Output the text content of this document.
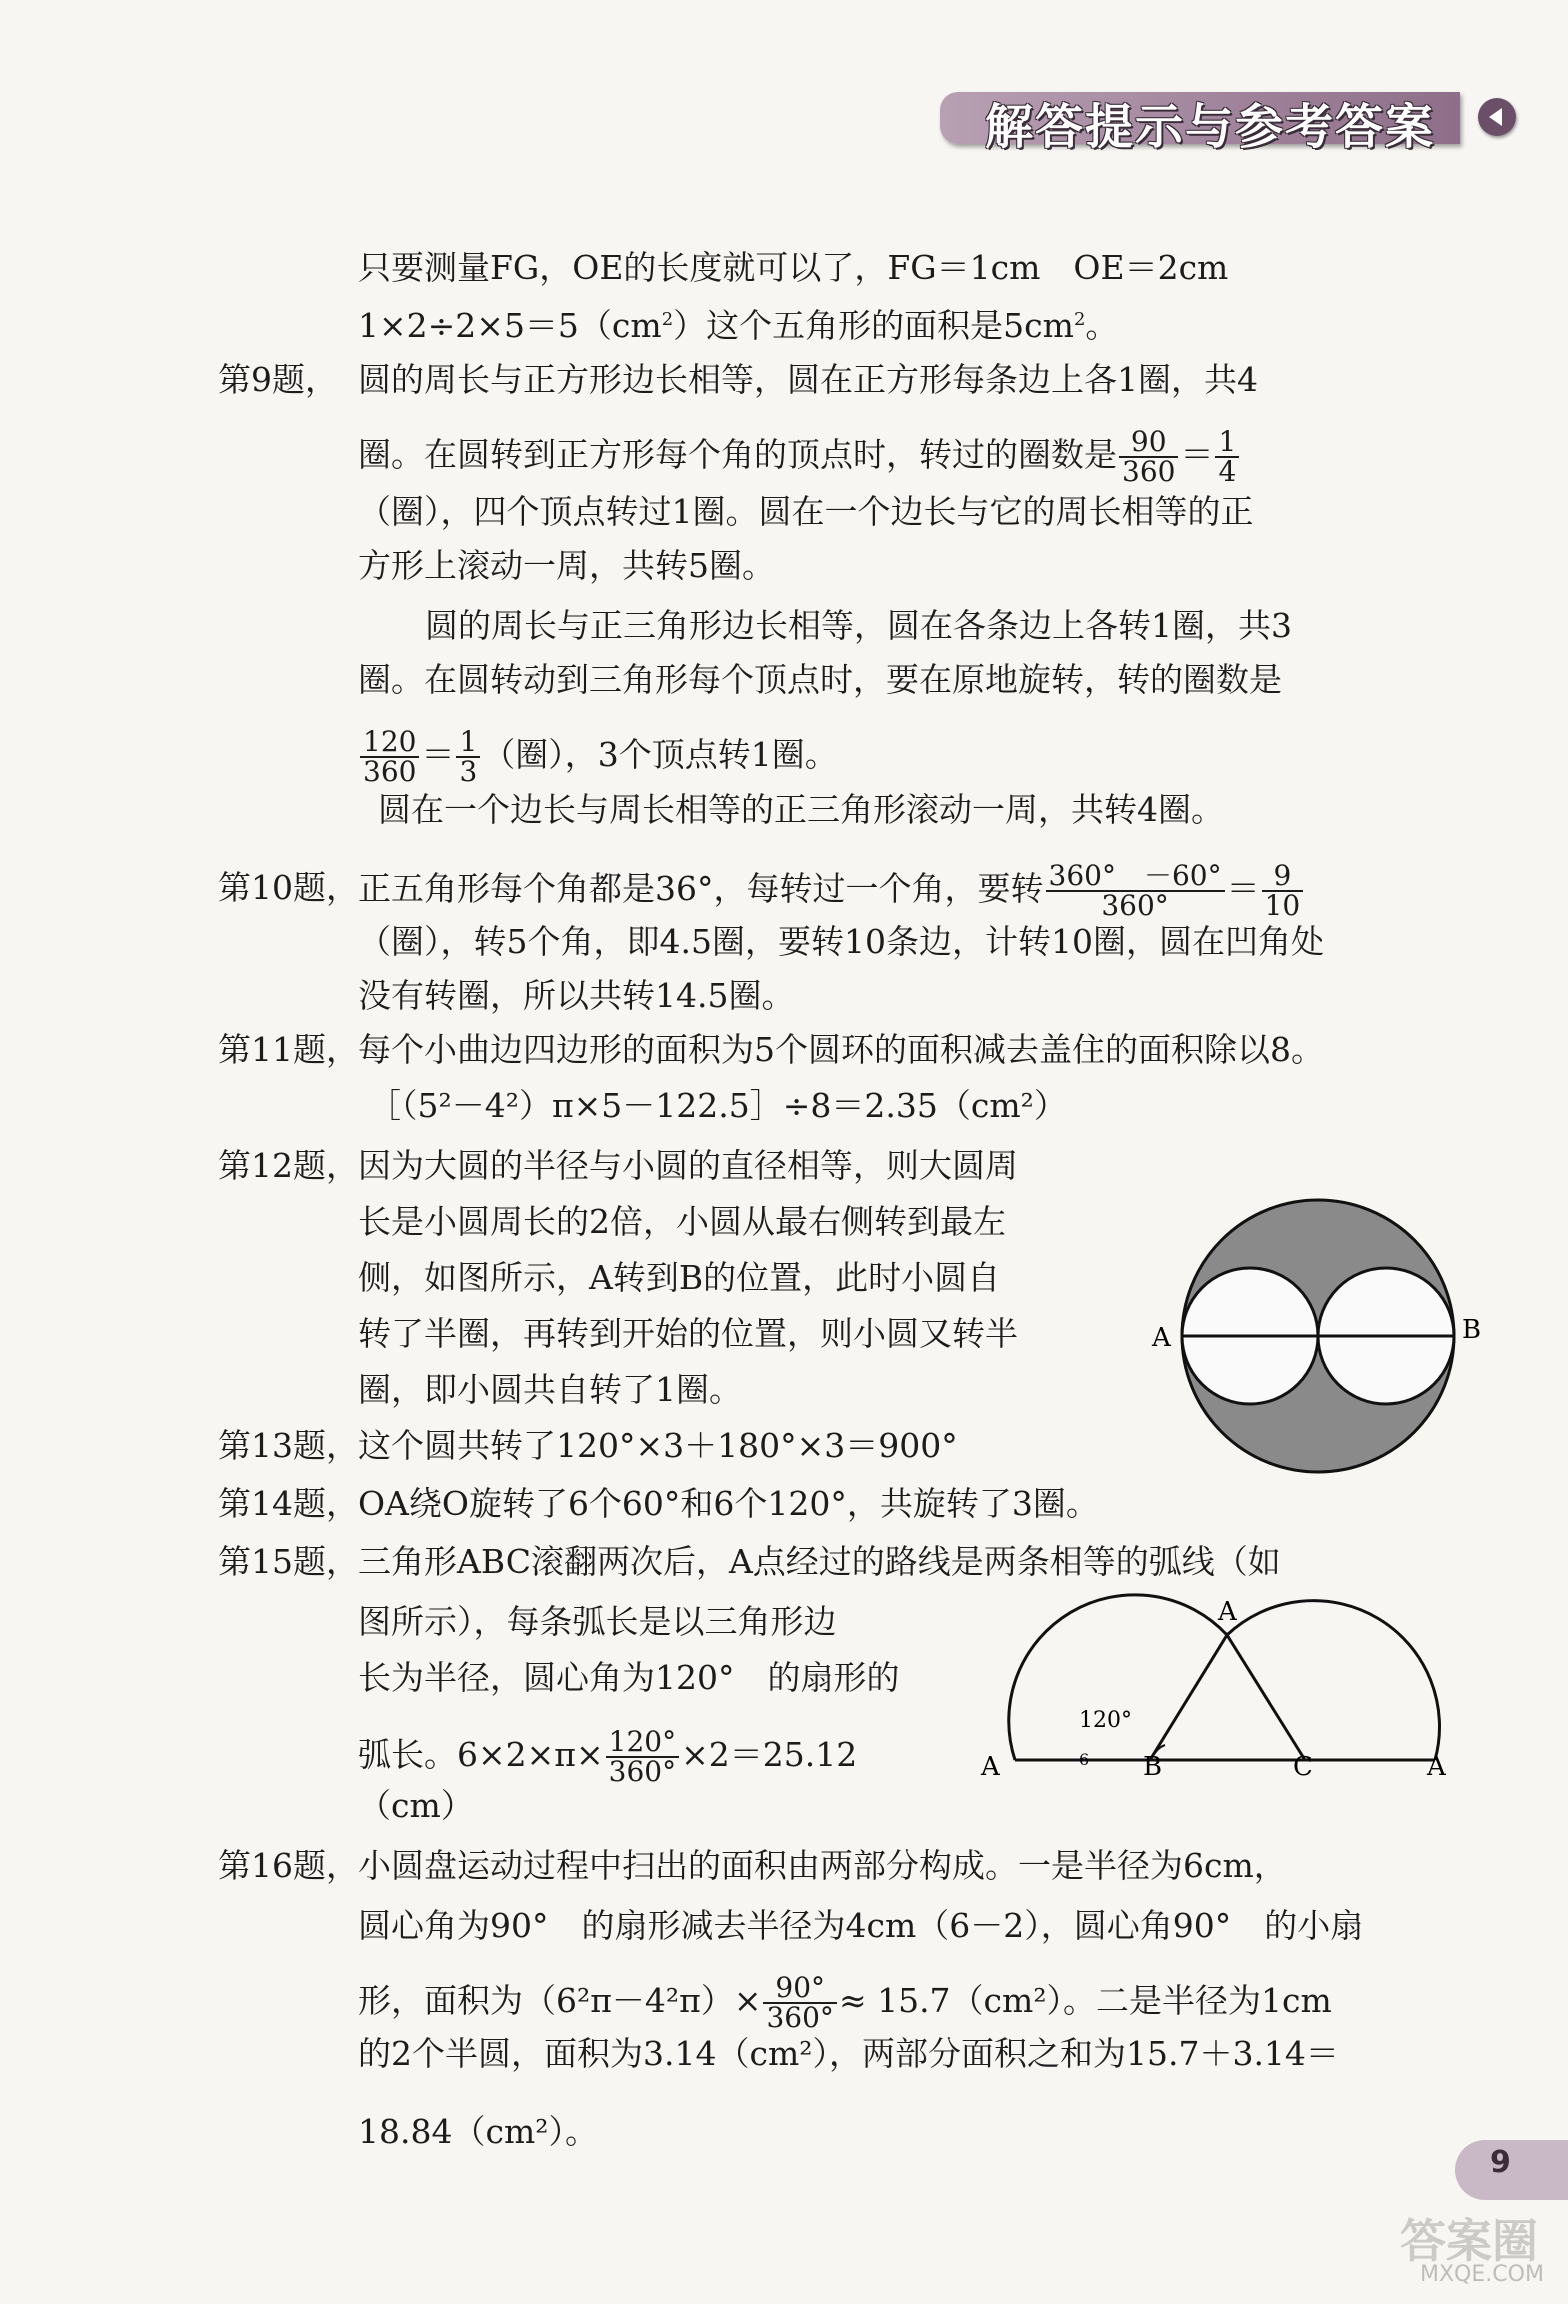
解答提示与参考答案
只要测量FG，OE的长度就可以了，FG＝1cm　OE＝2cm
$1\times 2\div 2\times 5=5(cm^2)$这个五角形的面积是$5cm^2$。
第9题， 圆的周长与正方形边长相等，圆在正方形每条边上各1圈，共4
圈。在圆转到正方形每个角的顶点时，转过的圈数是 $\frac{90}{360} = \frac{1}{4}$
（圈），四个顶点转过1圈。圆在一个边长与它的周长相等的正
方形上滚动一周，共转5圈。
圆的周长与正三角形边长相等，圆在各条边上各转1圈，共3
圈。在圆转动到三角形每个顶点时，要在原地旋转，转的圈数是
$\frac{120}{360} = \frac{1}{3}$ （圈），3个顶点转1圈。
圆在一个边长与周长相等的正三角形滚动一周，共转4圈。
第10题， 正五角形每个角都是36°，每转过一个角，要转 $\frac{360^\circ -60^\circ}{360^\circ} = \frac{9}{10}$
（圈），转5个角，即4.5圈，要转10条边，计转10圈，圆在凹角处
没有转圈，所以共转14.5圈。
第11题， 每个小曲边四边形的面积为5个圆环的面积减去盖住的面积除以8。
［（5²－4²）π×5－122.5］÷8＝2.35（cm²）
第12题， 因为大圆的半径与小圆的直径相等，则大圆周
长是小圆周长的2倍，小圆从最右侧转到最左
侧，如图所示，A转到B的位置，此时小圆自
转了半圈，再转到开始的位置，则小圆又转半
圈，即小圆共自转了1圈。
A	B
第13题， 这个圆共转了120°×3＋180°×3＝900°
第14题， OA绕O旋转了6个60°和6个120°，共旋转了3圈。
第15题， 三角形ABC滚翻两次后，A点经过的路线是两条相等的弧线（如
图所示），每条弧长是以三角形边
长为半径，圆心角为120°　的扇形的
弧长。$6\times 2\times\pi\times \frac{120^\circ}{360^\circ} \times 2=25.12$
（cm）
120°
6
A
A	B	C	A
第16题， 小圆盘运动过程中扫出的面积由两部分构成。一是半径为6cm，
圆心角为90°　的扇形减去半径为4cm（6－2），圆心角90°　的小扇
形，面积为$(6^2\pi-4^2\pi)\times \frac{90^\circ}{360^\circ} \approx 15.7(cm^2)$。二是半径为1cm
的2个半圆，面积为3.14（cm²），两部分面积之和为15.7＋3.14＝
18.84（cm²）。
9
答案圈
MXQE.COM
